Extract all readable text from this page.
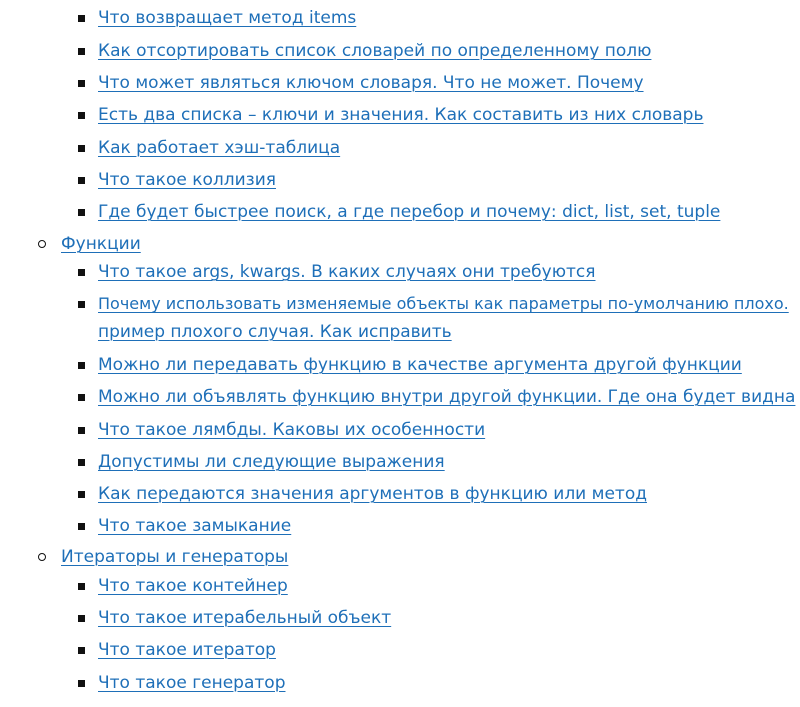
Что возвращает метод items
Как отсортировать список словарей по определенному полю
Что может являться ключом словаря. Что не может. Почему
Есть два списка – ключи и значения. Как составить из них словарь
Как работает хэш-таблица
Что такое коллизия
Где будет быстрее поиск, а где перебор и почему: dict, list, set, tuple
Функции
Что такое args, kwargs. В каких случаях они требуются
Почему использовать изменяемые объекты как параметры по-умолчанию плохо.
пример плохого случая. Как исправить
Можно ли передавать функцию в качестве аргумента другой функции
Можно ли объявлять функцию внутри другой функции. Где она будет видна
Что такое лямбды. Каковы их особенности
Допустимы ли следующие выражения
Как передаются значения аргументов в функцию или метод
Что такое замыкание
Итераторы и генераторы
Что такое контейнер
Что такое итерабельный объект
Что такое итератор
Что такое генератор
